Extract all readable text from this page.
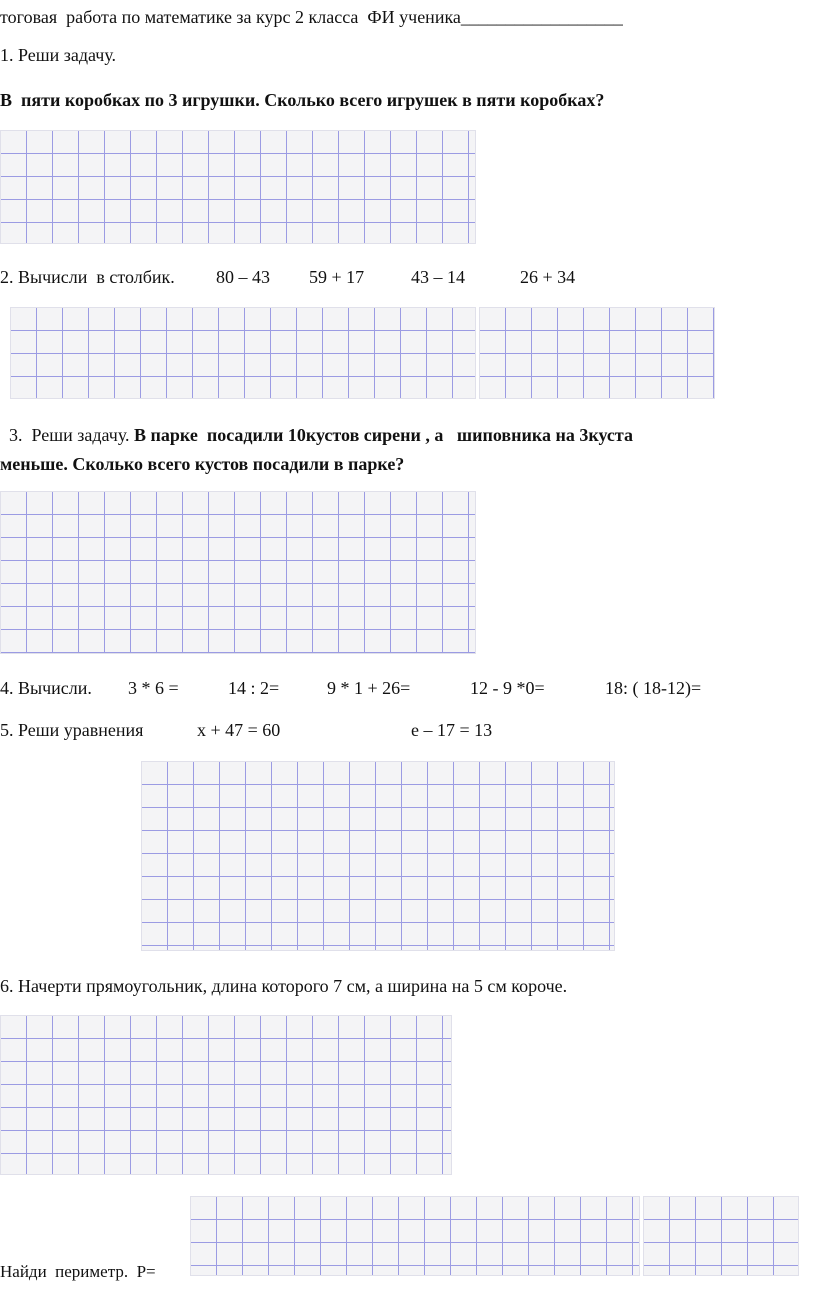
тоговая  работа по математике за курс 2 класса  ФИ ученика__________________
1. Реши задачу.
В  пяти коробках по 3 игрушки. Сколько всего игрушек в пяти коробках?
2. Вычисли  в столбик. 80 – 43 59 + 17	43 – 14	26 + 34
3.  Реши задачу. В парке  посадили 10кустов сирени , а   шиповника на 3куста
меньше. Сколько всего кустов посадили в парке?
4. Вычисли. 3 * 6 =	14 : 2=	9 * 1 + 26=	12 - 9 *0=	18: ( 18-12)=
5. Реши уравнения	х + 47 = 60	е – 17 = 13
6. Начерти прямоугольник, длина которого 7 см, а ширина на 5 см короче.
Найди  периметр.  Р=
